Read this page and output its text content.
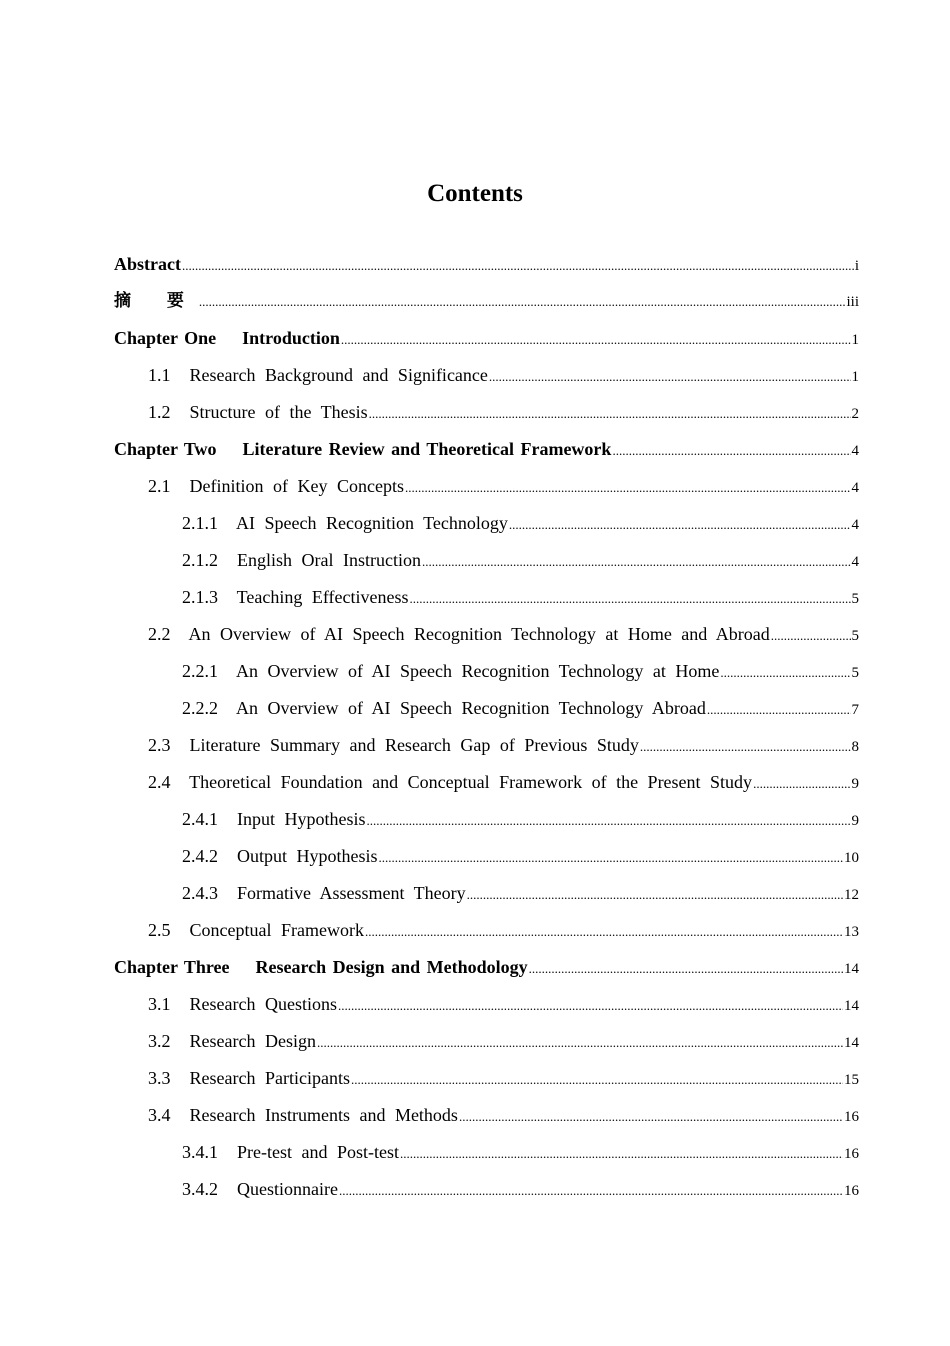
Contents
Abstract .....	i
摘 要 .....	iii
Chapter One    Introduction .....	1
1.1  Research Background and Significance .....	1
1.2  Structure of the Thesis .....	2
Chapter Two    Literature Review and Theoretical Framework .....	4
2.1  Definition of Key Concepts .....	4
2.1.1  AI Speech Recognition Technology .....	4
2.1.2  English Oral Instruction .....	4
2.1.3  Teaching Effectiveness .....	5
2.2  An Overview of AI Speech Recognition Technology at Home and Abroad .....	5
2.2.1  An Overview of AI Speech Recognition Technology at Home .....	5
2.2.2  An Overview of AI Speech Recognition Technology Abroad .....	7
2.3  Literature Summary and Research Gap of Previous Study .....	8
2.4  Theoretical Foundation and Conceptual Framework of the Present Study .....	9
2.4.1  Input Hypothesis .....	9
2.4.2  Output Hypothesis .....	10
2.4.3  Formative Assessment Theory .....	12
2.5  Conceptual Framework .....	13
Chapter Three    Research Design and Methodology .....	14
3.1  Research Questions .....	14
3.2  Research Design .....	14
3.3  Research Participants .....	15
3.4  Research Instruments and Methods .....	16
3.4.1  Pre-test and Post-test .....	16
3.4.2  Questionnaire .....	16
